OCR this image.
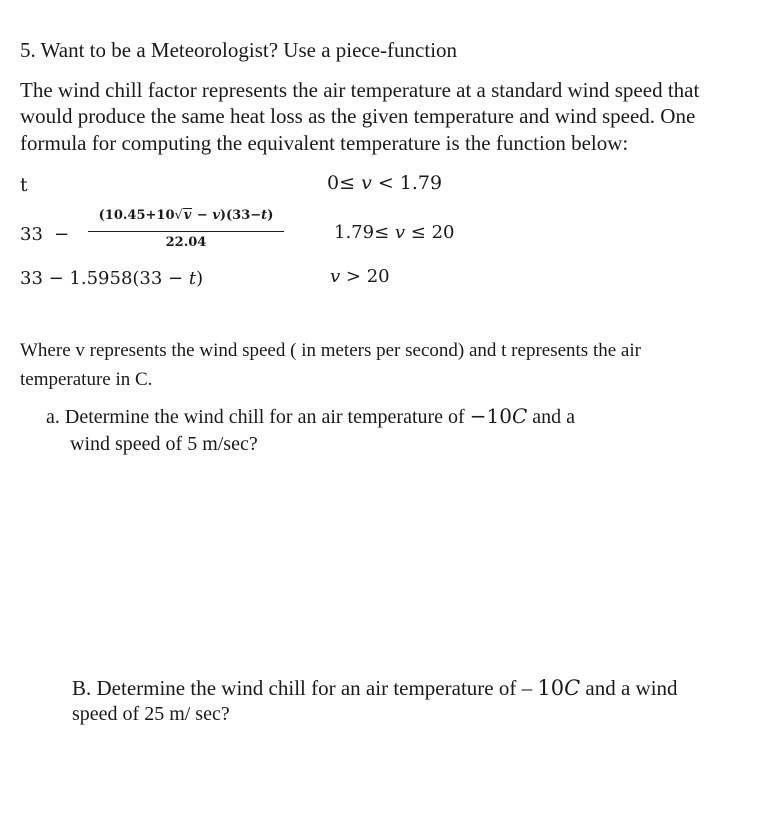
5. Want to be a Meteorologist? Use a piece-function
The wind chill factor represents the air temperature at a standard wind speed that
would produce the same heat loss as the given temperature and wind speed. One
formula for computing the equivalent temperature is the function below:
t	0≤ v < 1.79
33 −
(10.45+10√v − v)(33−t)
22.04	1.79≤ v ≤ 20
33 − 1.5958(33 − t)	v > 20
Where v represents the wind speed ( in meters per second) and t represents the air
temperature in C.
a. Determine the wind chill for an air temperature of −10C and a
wind speed of 5 m/sec?
B. Determine the wind chill for an air temperature of – 10C and a wind
speed of 25 m/ sec?
